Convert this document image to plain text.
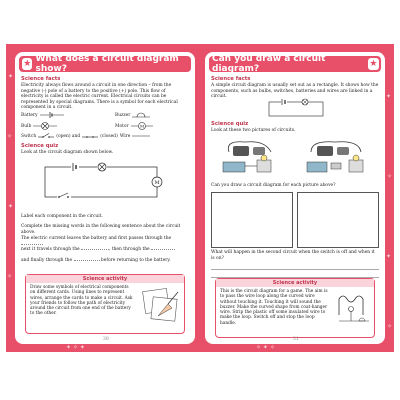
✦
✧
✦
✧
✦
✧
✦
✧
✦ ✧ ✦	✧ ✦ ✧
★ What does a circuit diagram show?
Science facts
Electricity always flows around a circuit in one direction – from the negative (-) pole of a battery to the positive (+) pole. This flow of electricity is called the electric current. Electrical circuits can be represented by special diagrams. There is a symbol for each electrical component in a circuit.
Battery	Buzzer
Bulb	Motor	M
Switch	(open) and	(closed) Wire
Science quiz
Look at the circuit diagram shown below.
M
Label each component in the circuit.
Complete the missing words in the following sentence about the circuit above.
The electric current leaves the battery and first passes through the
next it travels through the	, then through the
and finally through the	before returning to the battery.
Science activity
Draw some symbols of electrical components on different cards. Using lines to represent wires, arrange the cards to make a circuit. Ask your friends to follow the path of electricity around the circuit from one end of the battery to the other.
30
Can you draw a circuit diagram?	★
Science facts
A simple circuit diagram is usually set out as a rectangle. It shows how the components, such as bulbs, switches, batteries and wires are linked in a circuit.
Science quiz
Look at these two pictures of circuits.
Can you draw a circuit diagram for each picture above?
What will happen in the second circuit when the switch is off and when it is on?
Science activity
This is the circuit diagram for a game. The aim is to pass the wire loop along the curved wire without touching it. Touching it will sound the buzzer. Make the curved shape from coat-hanger wire. Strip the plastic off some insulated wire to make the loop. Switch off and stop the loop handle.
31
